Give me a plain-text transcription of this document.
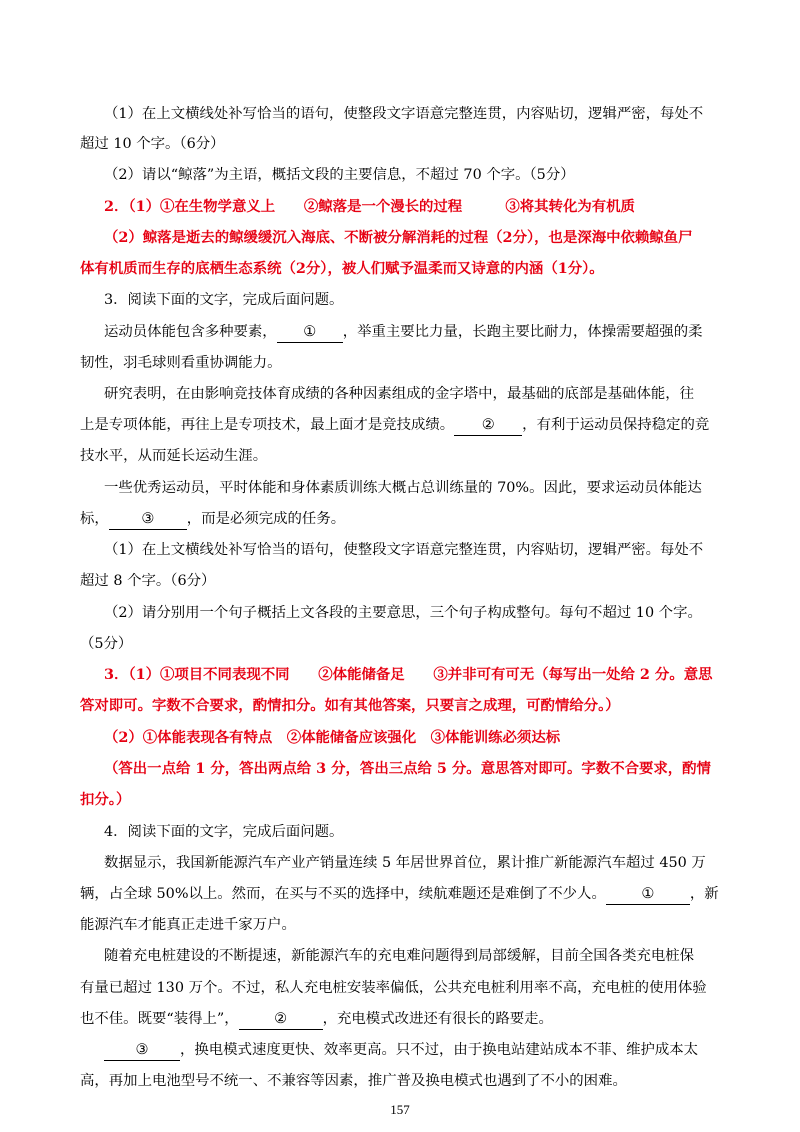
（1）在上文横线处补写恰当的语句，使整段文字语意完整连贯，内容贴切，逻辑严密，每处不
超过 10 个字。（6分）
（2）请以“鲸落”为主语，概括文段的主要信息，不超过 70 个字。（5分）
2．（1）①在生物学意义上　　②鲸落是一个漫长的过程　　　③将其转化为有机质
（2）鲸落是逝去的鲸缓缓沉入海底、不断被分解消耗的过程（2分），也是深海中依赖鲸鱼尸
体有机质而生存的底栖生态系统（2分），被人们赋予温柔而又诗意的内涵（1分）。
3．阅读下面的文字，完成后面问题。
运动员体能包含多种要素， ① ，举重主要比力量，长跑主要比耐力，体操需要超强的柔
韧性，羽毛球则看重协调能力。
研究表明，在由影响竞技体育成绩的各种因素组成的金字塔中，最基础的底部是基础体能，往
上是专项体能，再往上是专项技术，最上面才是竞技成绩。 ② ，有利于运动员保持稳定的竞
技水平，从而延长运动生涯。
一些优秀运动员，平时体能和身体素质训练大概占总训练量的 70%。因此，要求运动员体能达
标， ③ ，而是必须完成的任务。
（1）在上文横线处补写恰当的语句，使整段文字语意完整连贯，内容贴切，逻辑严密。每处不
超过 8 个字。（6分）
（2）请分别用一个句子概括上文各段的主要意思，三个句子构成整句。每句不超过 10 个字。
（5分）
3．（1）①项目不同表现不同　　②体能储备足　　③并非可有可无（每写出一处给 2 分。意思
答对即可。字数不合要求，酌情扣分。如有其他答案，只要言之成理，可酌情给分。）
（2）①体能表现各有特点　②体能储备应该强化　③体能训练必须达标
（答出一点给 1 分，答出两点给 3 分，答出三点给 5 分。意思答对即可。字数不合要求，酌情
扣分。）
4．阅读下面的文字，完成后面问题。
数据显示，我国新能源汽车产业产销量连续 5 年居世界首位，累计推广新能源汽车超过 450 万
辆，占全球 50%以上。然而，在买与不买的选择中，续航难题还是难倒了不少人。 ① ，新
能源汽车才能真正走进千家万户。
随着充电桩建设的不断提速，新能源汽车的充电难问题得到局部缓解，目前全国各类充电桩保
有量已超过 130 万个。不过，私人充电桩安装率偏低，公共充电桩利用率不高，充电桩的使用体验
也不佳。既要“装得上”， ② ，充电模式改进还有很长的路要走。
③ ，换电模式速度更快、效率更高。只不过，由于换电站建站成本不菲、维护成本太
高，再加上电池型号不统一、不兼容等因素，推广普及换电模式也遇到了不小的困难。
157
